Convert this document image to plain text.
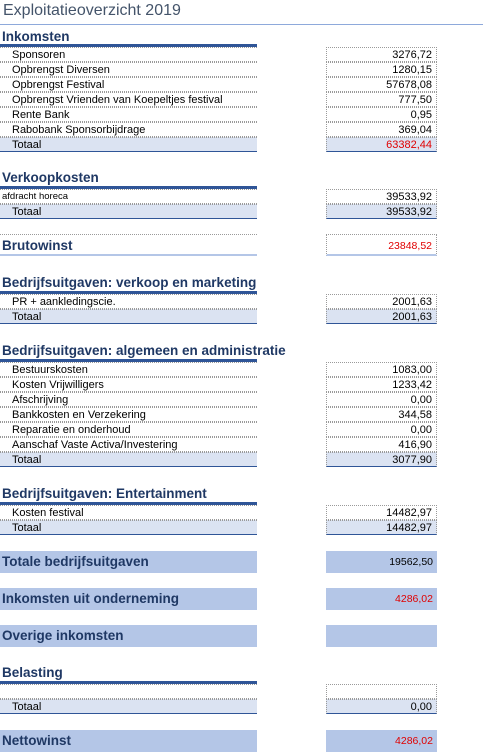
Exploitatieoverzicht 2019
Inkomsten
Sponsoren	3276,72
Opbrengst Diversen	1280,15
Opbrengst Festival	57678,08
Opbrengst Vrienden van Koepeltjes festival	777,50
Rente Bank	0,95
Rabobank Sponsorbijdrage	369,04
Totaal	63382,44
Verkoopkosten
afdracht horeca	39533,92
Totaal	39533,92
Brutowinst	23848,52
Bedrijfsuitgaven: verkoop en marketing
PR + aankledingscie.	2001,63
Totaal	2001,63
Bedrijfsuitgaven: algemeen en administratie
Bestuurskosten	1083,00
Kosten Vrijwilligers	1233,42
Afschrijving	0,00
Bankkosten en Verzekering	344,58
Reparatie en onderhoud	0,00
Aanschaf Vaste Activa/Investering	416,90
Totaal	3077,90
Bedrijfsuitgaven: Entertainment
Kosten festival	14482,97
Totaal	14482,97
Totale bedrijfsuitgaven	19562,50
Inkomsten uit onderneming	4286,02
Overige inkomsten
Belasting
Totaal	0,00
Nettowinst	4286,02
